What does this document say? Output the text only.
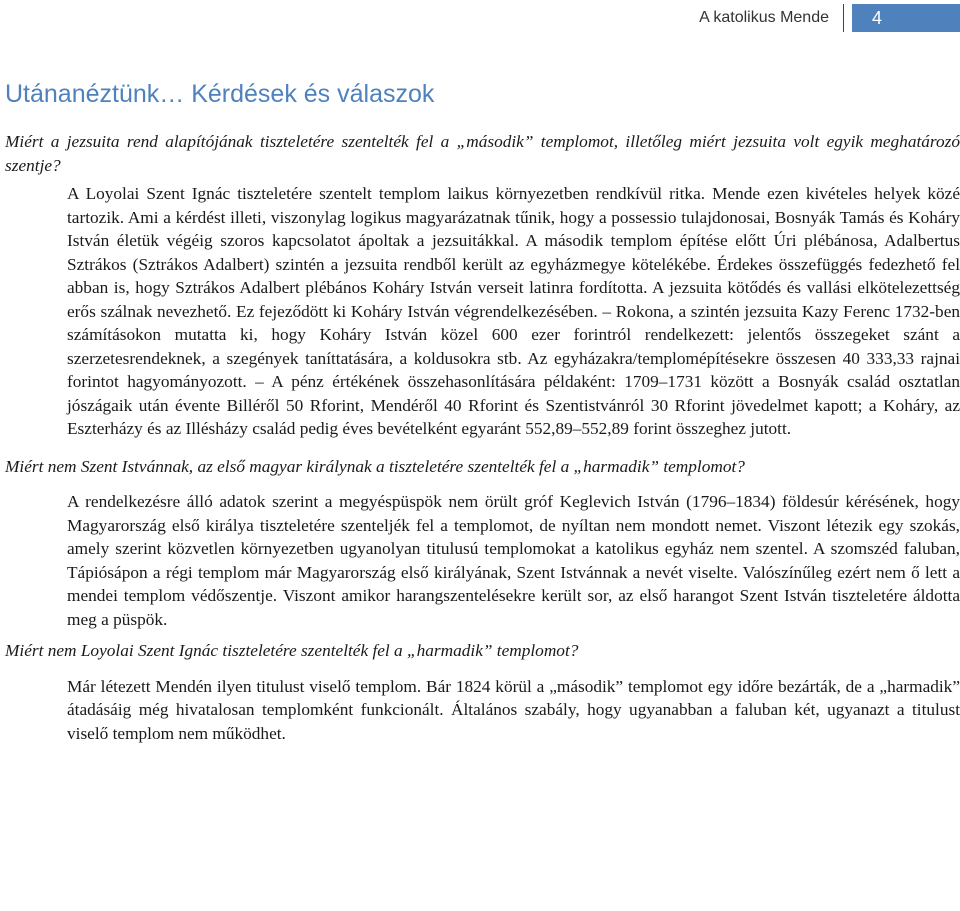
A katolikus Mende	4
Utánanéztünk… Kérdések és válaszok

Miért a jezsuita rend alapítójának tiszteletére szentelték fel a „második” templomot, illetőleg miért jezsuita volt egyik meghatározó szentje?

A Loyolai Szent Ignác tiszteletére szentelt templom laikus környezetben rendkívül ritka. Mende ezen kivételes helyek közé tartozik. Ami a kérdést illeti, viszonylag logikus magyarázatnak tűnik, hogy a possessio tulajdonosai, Bosnyák Tamás és Koháry István életük végéig szoros kapcsolatot ápoltak a jezsuitákkal. A második templom építése előtt Úri plébánosa, Adalbertus Sztrákos (Sztrákos Adalbert) szintén a jezsuita rendből került az egyházmegye kötelékébe. Érdekes összefüggés fedezhető fel abban is, hogy Sztrákos Adalbert plébános Koháry István verseit latinra fordította. A jezsuita kötődés és vallási elkötelezettség erős szálnak nevezhető. Ez fejeződött ki Koháry István végrendelkezésében. – Rokona, a szintén jezsuita Kazy Ferenc 1732-ben számításokon mutatta ki, hogy Koháry István közel 600 ezer forintról rendelkezett: jelentős összegeket szánt a szerzetesrendeknek, a szegények taníttatására, a koldusokra stb. Az egyházakra/templomépítésekre összesen 40 333,33 rajnai forintot hagyományozott. – A pénz értékének összehasonlítására példaként: 1709–1731 között a Bosnyák család osztatlan jószágaik után évente Billéről 50 Rforint, Mendéről 40 Rforint és Szentistvánról 30 Rforint jövedelmet kapott; a Koháry, az Eszterházy és az Illésházy család pedig éves bevételként egyaránt 552,89–552,89 forint összeghez jutott.

Miért nem Szent Istvánnak, az első magyar királynak a tiszteletére szentelték fel a „harmadik” templomot?

A rendelkezésre álló adatok szerint a megyéspüspök nem örült gróf Keglevich István (1796–1834) földesúr kérésének, hogy Magyarország első királya tiszteletére szenteljék fel a templomot, de nyíltan nem mondott nemet. Viszont létezik egy szokás, amely szerint közvetlen környezetben ugyanolyan titulusú templomokat a katolikus egyház nem szentel. A szomszéd faluban, Tápiósápon a régi templom már Magyarország első királyának, Szent Istvánnak a nevét viselte. Valószínűleg ezért nem ő lett a mendei templom védőszentje. Viszont amikor harangszentelésekre került sor, az első harangot Szent István tiszteletére áldotta meg a püspök.

Miért nem Loyolai Szent Ignác tiszteletére szentelték fel a „harmadik” templomot?

Már létezett Mendén ilyen titulust viselő templom. Bár 1824 körül a „második” templomot egy időre bezárták, de a „harmadik” átadásáig még hivatalosan templomként funkcionált. Általános szabály, hogy ugyanabban a faluban két, ugyanazt a titulust viselő templom nem működhet.
